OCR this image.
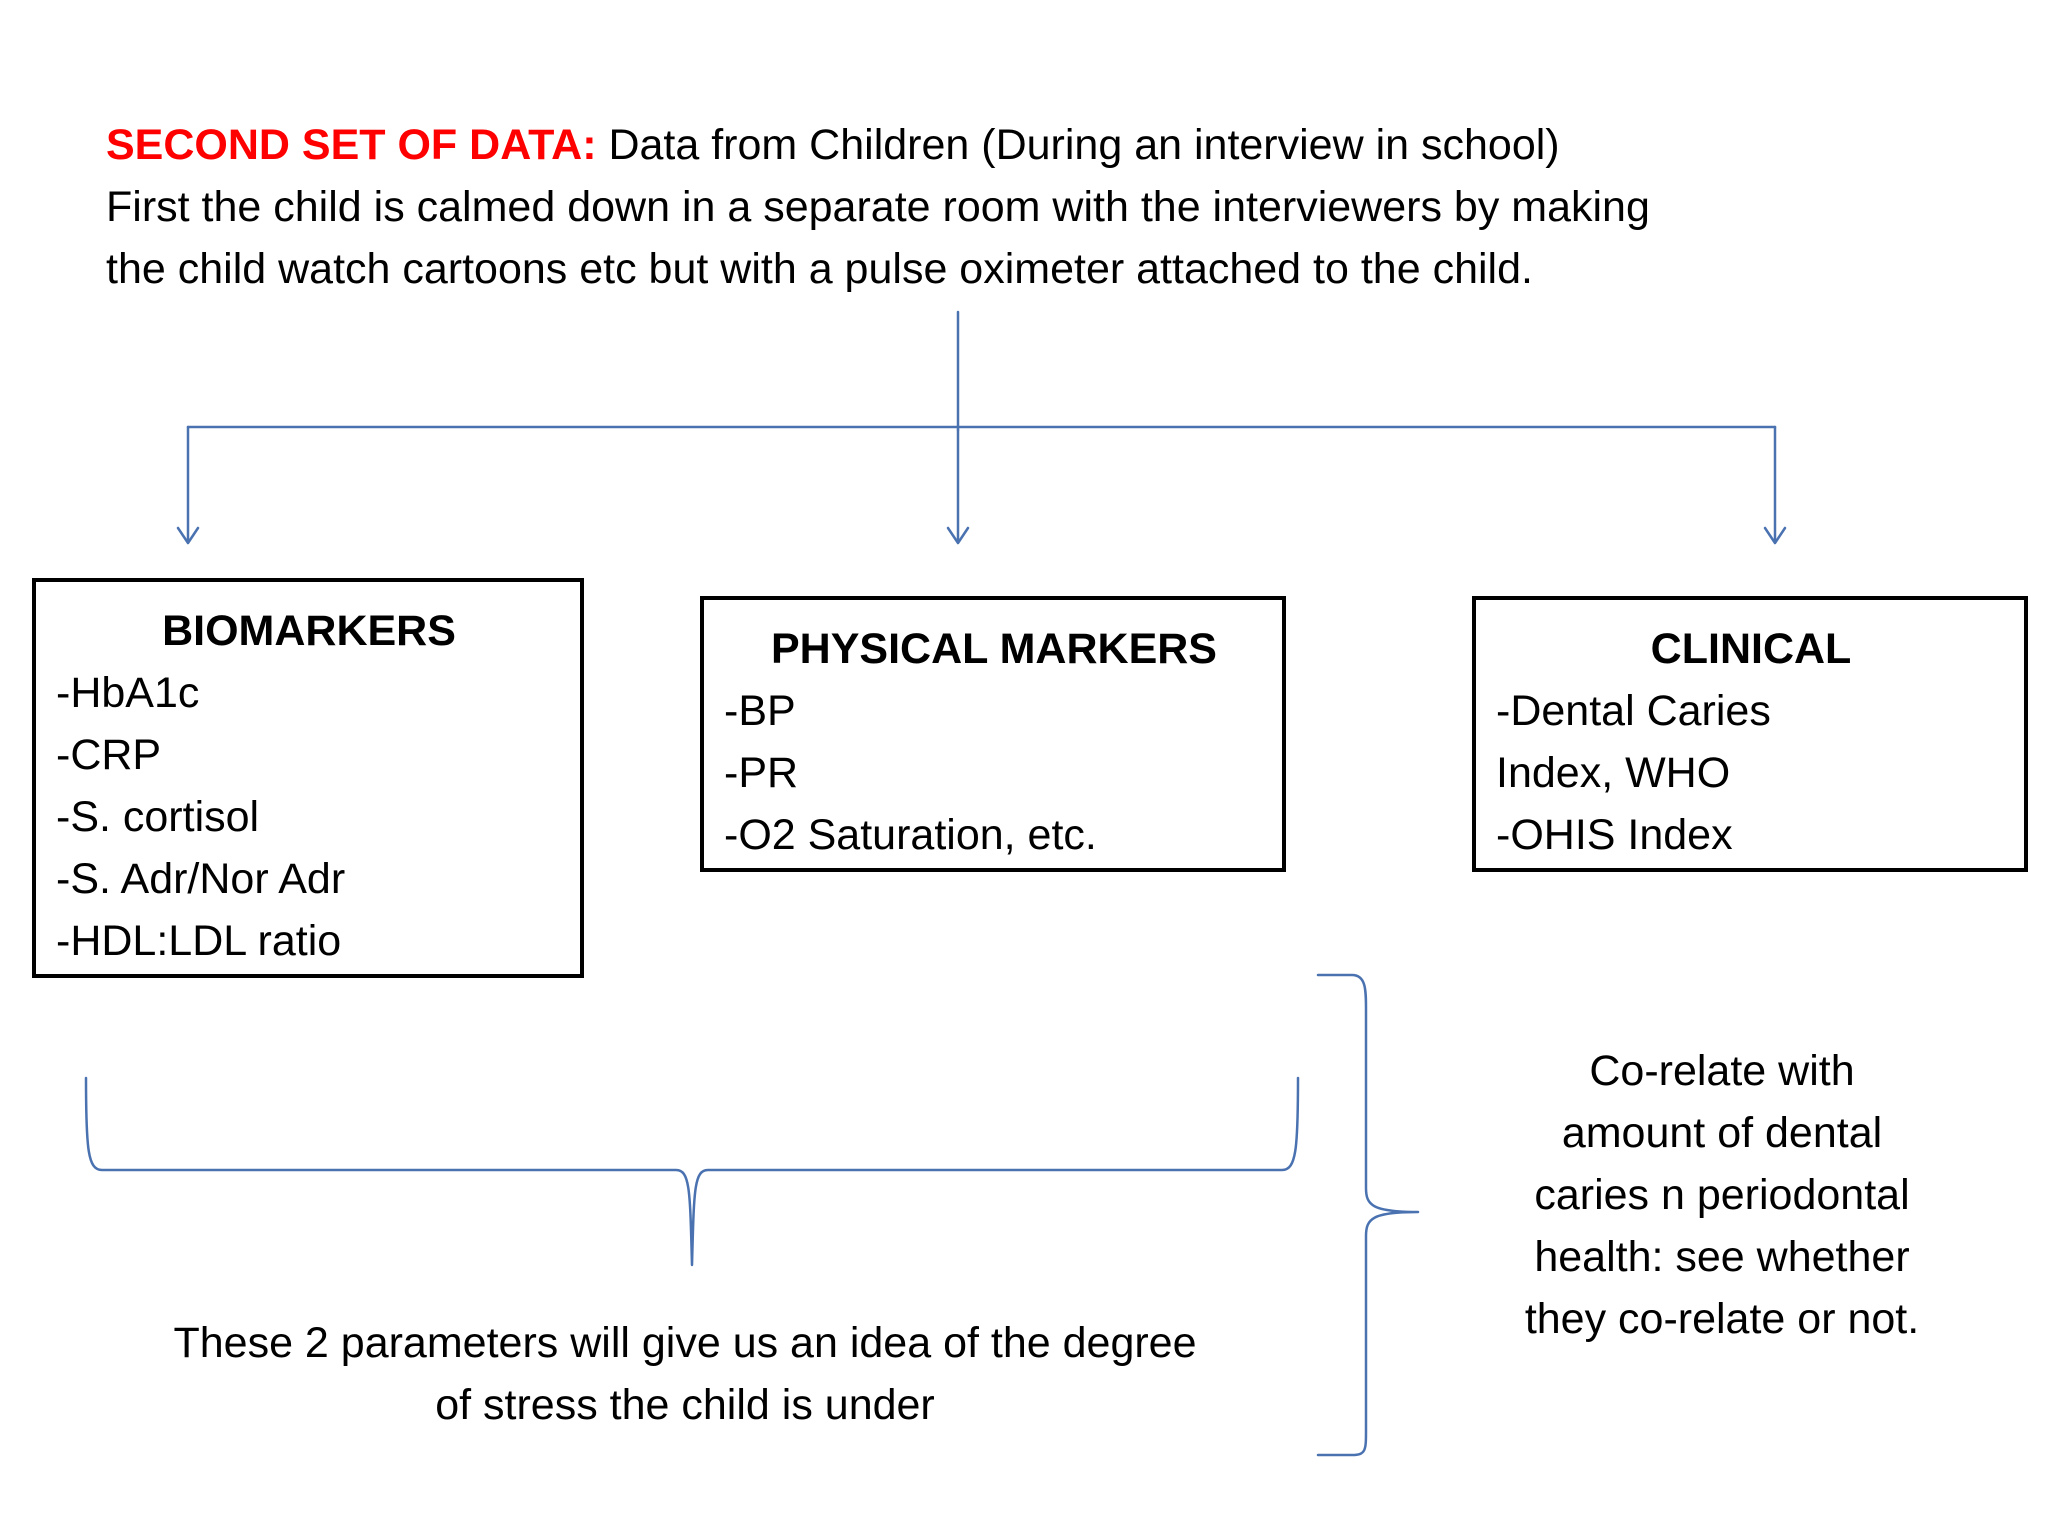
SECOND SET OF DATA: Data from Children (During an interview in school)
First the child is calmed down in a separate room with the interviewers by making
the child watch cartoons etc but with a pulse oximeter attached to the child.
BIOMARKERS
-HbA1c
-CRP
-S. cortisol
-S. Adr/Nor Adr
-HDL:LDL ratio
PHYSICAL MARKERS
-BP
-PR
-O2 Saturation, etc.
CLINICAL
-Dental Caries
Index, WHO
-OHIS Index
These 2 parameters will give us an idea of the degree
of stress the child is under
Co-relate with
amount of dental
caries n periodontal
health: see whether
they co-relate or not.
